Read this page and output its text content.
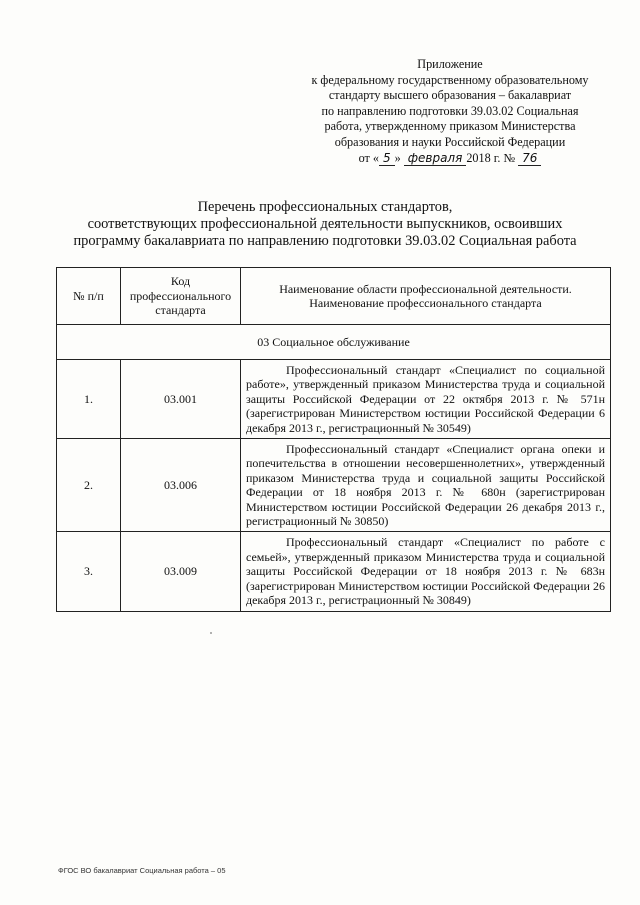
Приложение
к федеральному государственному образовательному
стандарту высшего образования – бакалавриат
по направлению подготовки 39.03.02 Социальная
работа, утвержденному приказом Министерства
образования и науки Российской Федерации
от « 5 » февраля 2018 г. № 76
Перечень профессиональных стандартов,
соответствующих профессиональной деятельности выпускников, освоивших
программу бакалавриата по направлению подготовки 39.03.02 Социальная работа
№ п/п	Код профессионального стандарта	Наименование области профессиональной деятельности. Наименование профессионального стандарта
03 Социальное обслуживание		
1.	03.001	Профессиональный стандарт «Специалист по социальной работе», утвержденный приказом Министерства труда и социальной защиты Российской Федерации от 22 октября 2013 г. № 571н (зарегистрирован Министерством юстиции Российской Федерации 6 декабря 2013 г., регистрационный № 30549)
2.	03.006	Профессиональный стандарт «Специалист органа опеки и попечительства в отношении несовершеннолетних», утвержденный приказом Министерства труда и социальной защиты Российской Федерации от 18 ноября 2013 г. № 680н (зарегистрирован Министерством юстиции Российской Федерации 26 декабря 2013 г., регистрационный № 30850)
3.	03.009	Профессиональный стандарт «Специалист по работе с семьей», утвержденный приказом Министерства труда и социальной защиты Российской Федерации от 18 ноября 2013 г. № 683н (зарегистрирован Министерством юстиции Российской Федерации 26 декабря 2013 г., регистрационный № 30849)
ФГОС ВО бакалавриат Социальная работа – 05
